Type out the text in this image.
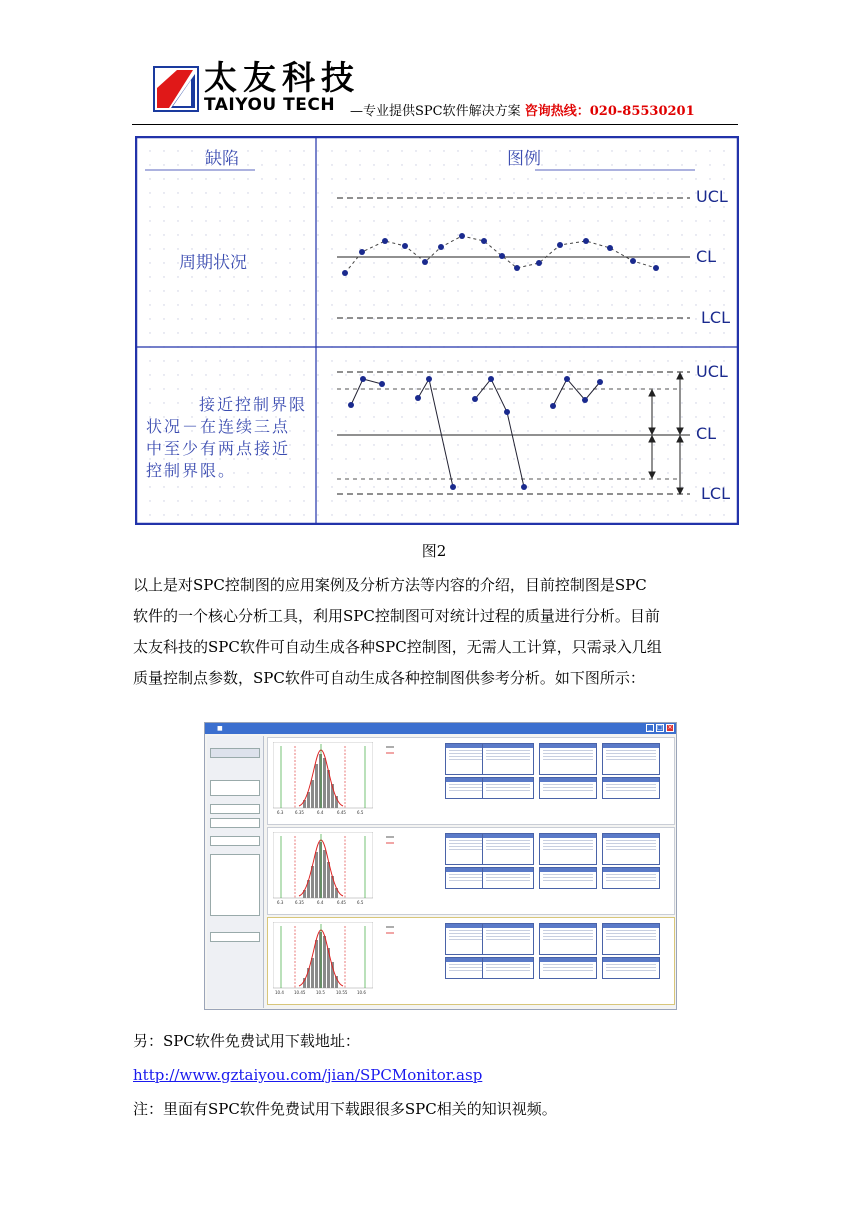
太友科技
TAIYOU TECH —专业提供SPC软件解决方案 咨询热线：020-85530201
缺陷	图例
周期状况
接近控制界限
状况－在连续三点
中至少有两点接近
控制界限。
UCL
CL
LCL
UCL
CL
LCL
图2

以上是对SPC控制图的应用案例及分析方法等内容的介绍，目前控制图是SPC

软件的一个核心分析工具，利用SPC控制图可对统计过程的质量进行分析。目前

太友科技的SPC软件可自动生成各种SPC控制图，无需人工计算，只需录入几组

质量控制点参数，SPC软件可自动生成各种控制图供参考分析。如下图所示：

■	_ □ ×
6.3	6.35	6.4	6.45	6.5
6.3	6.35	6.4	6.45	6.5
10.4	10.45	10.5	10.55 10.6
另：SPC软件免费试用下载地址：
http://www.gztaiyou.com/jian/SPCMonitor.asp
注：里面有SPC软件免费试用下载跟很多SPC相关的知识视频。
